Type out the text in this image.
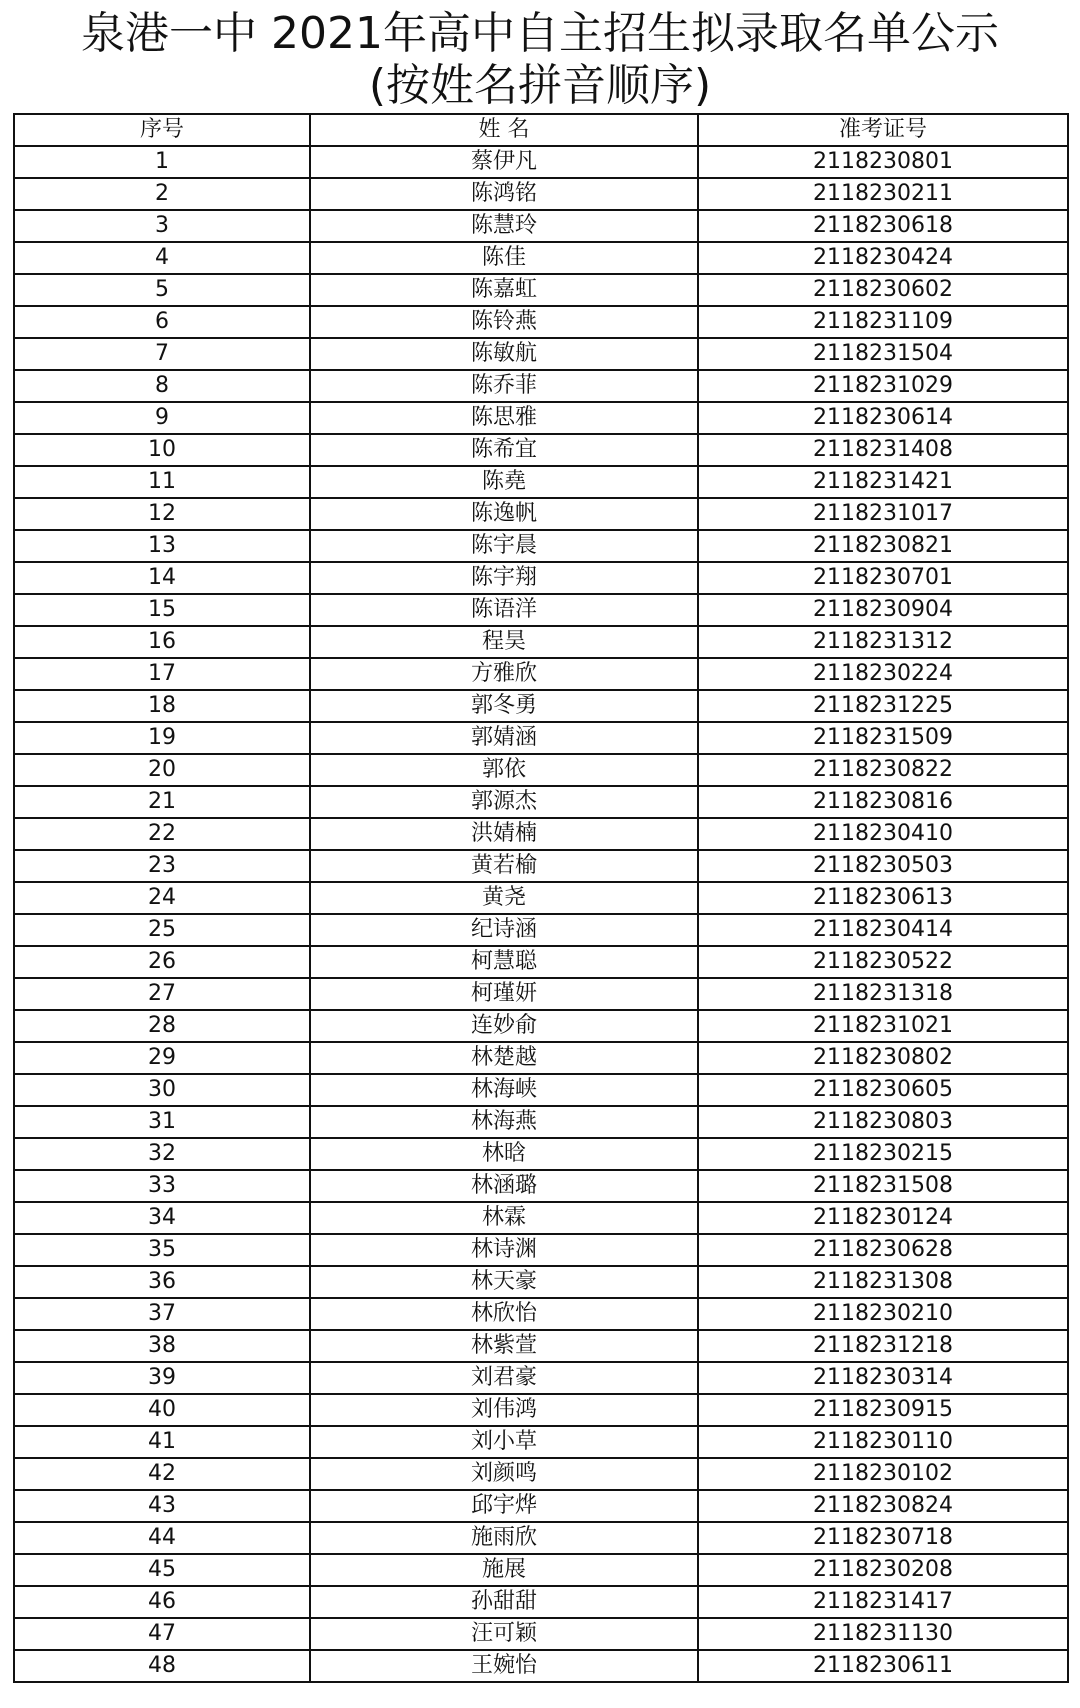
泉港一中 2021年高中自主招生拟录取名单公示
(按姓名拼音顺序)
序号	姓 名	准考证号
1	蔡伊凡	2118230801
2	陈鸿铭	2118230211
3	陈慧玲	2118230618
4	陈佳	2118230424
5	陈嘉虹	2118230602
6	陈铃燕	2118231109
7	陈敏航	2118231504
8	陈乔菲	2118231029
9	陈思雅	2118230614
10	陈希宜	2118231408
11	陈堯	2118231421
12	陈逸帆	2118231017
13	陈宇晨	2118230821
14	陈宇翔	2118230701
15	陈语洋	2118230904
16	程昊	2118231312
17	方雅欣	2118230224
18	郭冬勇	2118231225
19	郭婧涵	2118231509
20	郭依	2118230822
21	郭源杰	2118230816
22	洪婧楠	2118230410
23	黄若榆	2118230503
24	黄尧	2118230613
25	纪诗涵	2118230414
26	柯慧聪	2118230522
27	柯瑾妍	2118231318
28	连妙俞	2118231021
29	林楚越	2118230802
30	林海峡	2118230605
31	林海燕	2118230803
32	林晗	2118230215
33	林涵璐	2118231508
34	林霖	2118230124
35	林诗渊	2118230628
36	林天豪	2118231308
37	林欣怡	2118230210
38	林紫萱	2118231218
39	刘君豪	2118230314
40	刘伟鸿	2118230915
41	刘小草	2118230110
42	刘颜鸣	2118230102
43	邱宇烨	2118230824
44	施雨欣	2118230718
45	施展	2118230208
46	孙甜甜	2118231417
47	汪可颖	2118231130
48	王婉怡	2118230611
